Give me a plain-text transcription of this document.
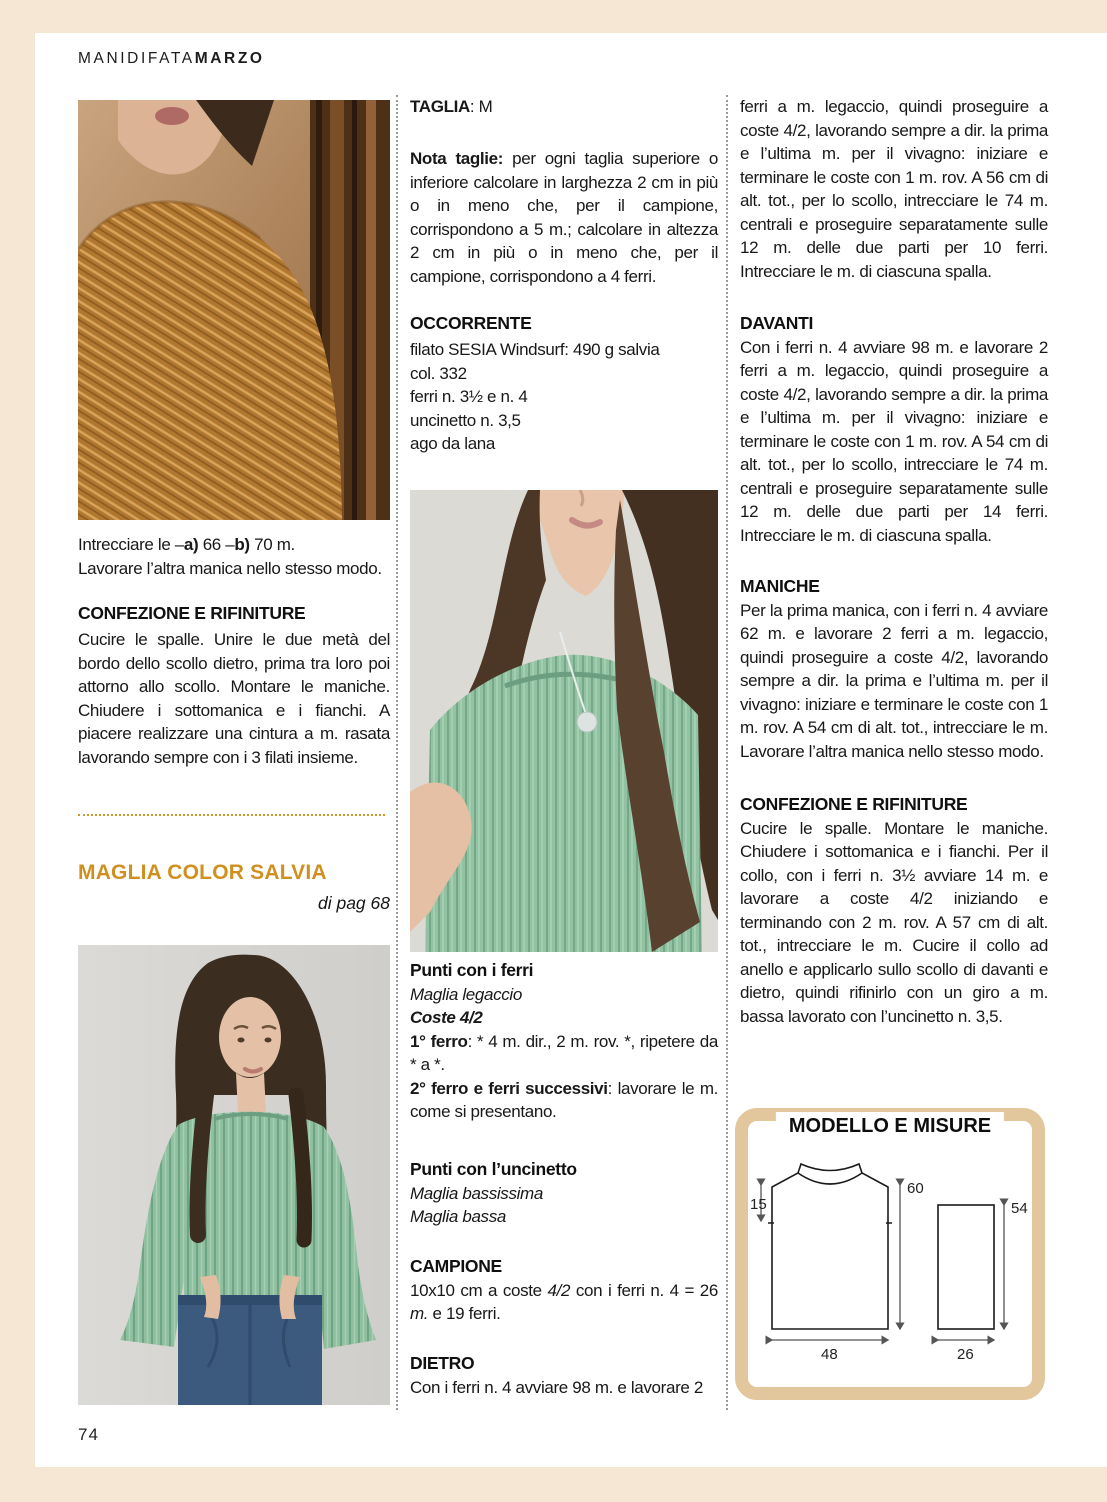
MANIDIFATAMARZO
Intrecciare le –a) 66 –b) 70 m.
Lavorare l’altra manica nello stesso modo.
CONFEZIONE E RIFINITURE
Cucire le spalle. Unire le due metà del bordo dello scollo dietro, prima tra loro poi attorno allo scollo. Montare le maniche. Chiudere i sottomanica e i fianchi. A piacere realizzare una cintura a m. rasata lavorando sempre con i 3 filati insieme.
MAGLIA COLOR SALVIA
di pag 68
TAGLIA: M
Nota taglie: per ogni taglia superiore o inferiore calcolare in larghezza 2 cm in più o in meno che, per il campione, corrispondono a 5 m.; calcolare in altezza 2 cm in più o in meno che, per il campione, corrispondono a 4 ferri.
OCCORRENTE
filato SESIA Windsurf: 490 g salvia
col. 332
ferri n. 3½ e n. 4
uncinetto n. 3,5
ago da lana
Punti con i ferri
Maglia legaccio
Coste 4/2
1° ferro: * 4 m. dir., 2 m. rov. *, ripetere da * a *.
2° ferro e ferri successivi: lavorare le m. come si presentano.
Punti con l’uncinetto
Maglia bassissima
Maglia bassa
CAMPIONE
10x10 cm a coste 4/2 con i ferri n. 4 = 26 m. e 19 ferri.
DIETRO
Con i ferri n. 4 avviare 98 m. e lavorare 2
ferri a m. legaccio, quindi proseguire a coste 4/2, lavorando sempre a dir. la prima e l’ultima m. per il vivagno: iniziare e terminare le coste con 1 m. rov. A 56 cm di alt. tot., per lo scollo, intrecciare le 74 m. centrali e proseguire separatamente sulle 12 m. delle due parti per 10 ferri. Intrecciare le m. di ciascuna spalla.
DAVANTI
Con i ferri n. 4 avviare 98 m. e lavorare 2 ferri a m. legaccio, quindi proseguire a coste 4/2, lavorando sempre a dir. la prima e l’ultima m. per il vivagno: iniziare e terminare le coste con 1 m. rov. A 54 cm di alt. tot., per lo scollo, intrecciare le 74 m. centrali e proseguire separatamente sulle 12 m. delle due parti per 14 ferri. Intrecciare le m. di ciascuna spalla.
MANICHE
Per la prima manica, con i ferri n. 4 avviare 62 m. e lavorare 2 ferri a m. legaccio, quindi proseguire a coste 4/2, lavorando sempre a dir. la prima e l’ultima m. per il vivagno: iniziare e terminare le coste con 1 m. rov. A 54 cm di alt. tot., intrecciare le m. Lavorare l’altra manica nello stesso modo.
CONFEZIONE E RIFINITURE
Cucire le spalle. Montare le maniche. Chiudere i sottomanica e i fianchi. Per il collo, con i ferri n. 3½ avviare 14 m. e lavorare a coste 4/2 iniziando e terminando con 2 m. rov. A 57 cm di alt. tot., intrecciare le m. Cucire il collo ad anello e applicarlo sullo scollo di davanti e dietro, quindi rifinirlo con un giro a m. bassa lavorato con l’uncinetto n. 3,5.
MODELLO E MISURE
15
60
48
54
26
74
